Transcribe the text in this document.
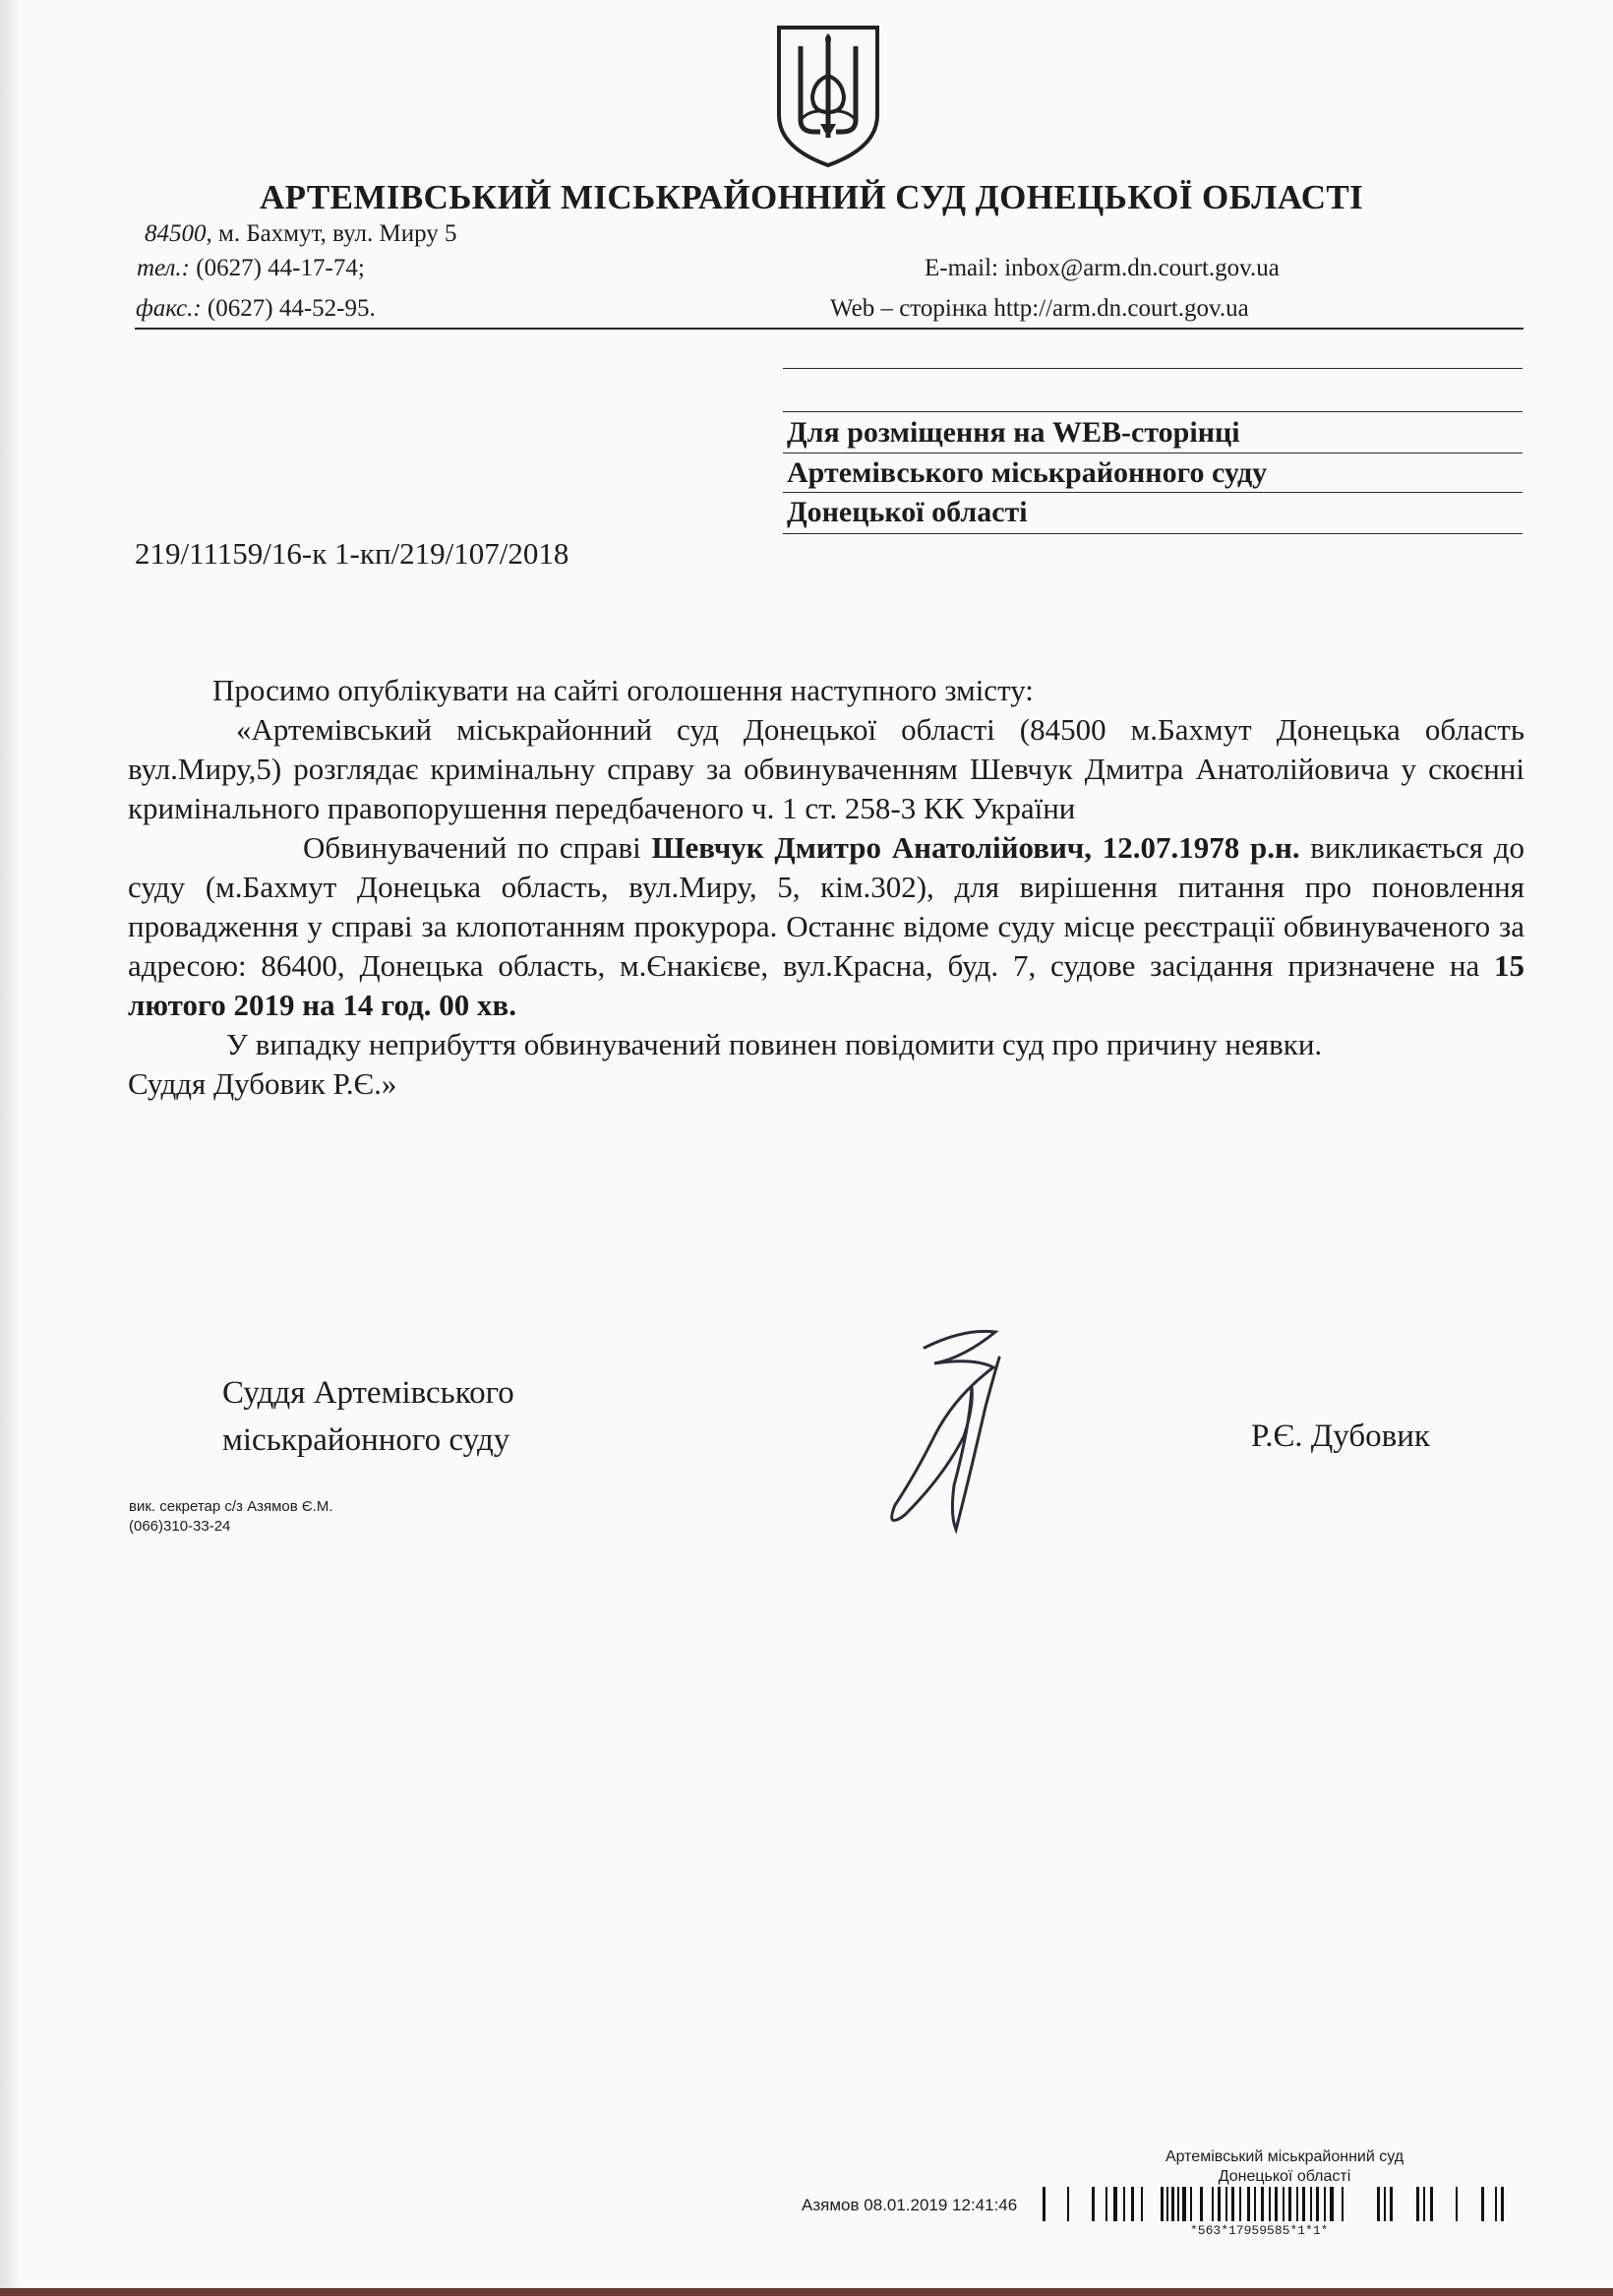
АРТЕМІВСЬКИЙ МІСЬКРАЙОННИЙ СУД ДОНЕЦЬКОЇ ОБЛАСТІ
84500, м. Бахмут, вул. Миру 5
тел.: (0627) 44-17-74;
факс.: (0627) 44-52-95.
E-mail: inbox@arm.dn.court.gov.ua
Web – сторінка http://arm.dn.court.gov.ua
Для розміщення на WEB-сторінці
Артемівського міськрайонного суду
Донецької області
219/11159/16-к 1-кп/219/107/2018

Просимо опублікувати на сайті оголошення наступного змісту:

«Артемівський міськрайонний суд Донецької області (84500 м.Бахмут Донецька область вул.Миру,5) розглядає кримінальну справу за обвинуваченням Шевчук Дмитра Анатолійовича у скоєнні кримінального правопорушення передбаченого ч. 1 ст. 258-3 КК України

Обвинувачений по справі Шевчук Дмитро Анатолійович, 12.07.1978 р.н. викликається до суду (м.Бахмут Донецька область, вул.Миру, 5, кім.302), для вирішення питання про поновлення провадження у справі за клопотанням прокурора. Останнє відоме суду місце реєстрації обвинуваченого за адресою: 86400, Донецька область, м.Єнакієве, вул.Красна, буд. 7, судове засідання призначене на 15 лютого 2019 на 14 год. 00 хв.

У випадку неприбуття обвинувачений повинен повідомити суд про причину неявки.

Суддя Дубовик Р.Є.»

Суддя Артемівського
міськрайонного суду	Р.Є. Дубовик
вик. секретар с/з Азямов Є.М.
(066)310-33-24
Артемівський міськрайонний суд
Донецької області
Азямов 08.01.2019 12:41:46
*563*17959585*1*1*
